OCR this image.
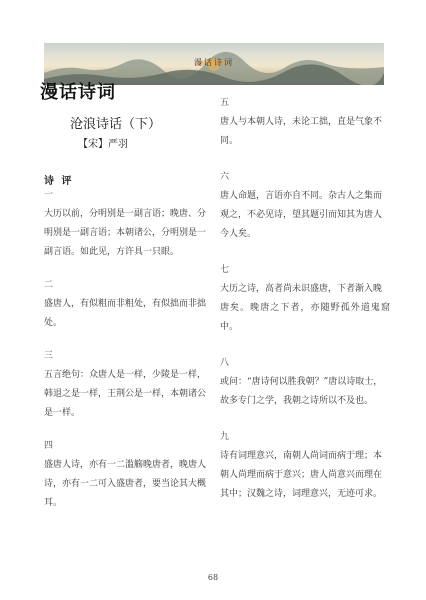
漫话诗词
漫话诗词
沧浪诗话（下）
【宋】严羽
诗 评
一
大历以前，分明别是一副言语；晚唐、分
明别是一副言语；本朝诸公，分明别是一
副言语。如此见，方许具一只眼。
二
盛唐人，有似粗而非粗处，有似拙而非拙
处。
三
五言绝句：众唐人是一样，少陵是一样，
韩退之是一样，王荆公是一样，本朝诸公
是一样。
四
盛唐人诗，亦有一二滥觞晚唐者，晚唐人
诗，亦有一二可入盛唐者，要当论其大概
耳。
五
唐人与本朝人诗，未论工拙，直是气象不
同。
六
唐人命题，言语亦自不同。杂古人之集而
观之，不必见诗，望其题引而知其为唐人
今人矣。
七
大历之诗，高者尚未识盛唐，下者渐入晚
唐矣。晚唐之下者，亦随野孤外道鬼窟中。
八
或问：“唐诗何以胜我朝？”唐以诗取士，
故多专门之学，我朝之诗所以不及也。
九
诗有词理意兴，南朝人尚词而病于理；本
朝人尚理而病于意兴；唐人尚意兴而理在
其中；汉魏之诗，词理意兴，无迹可求。
68
